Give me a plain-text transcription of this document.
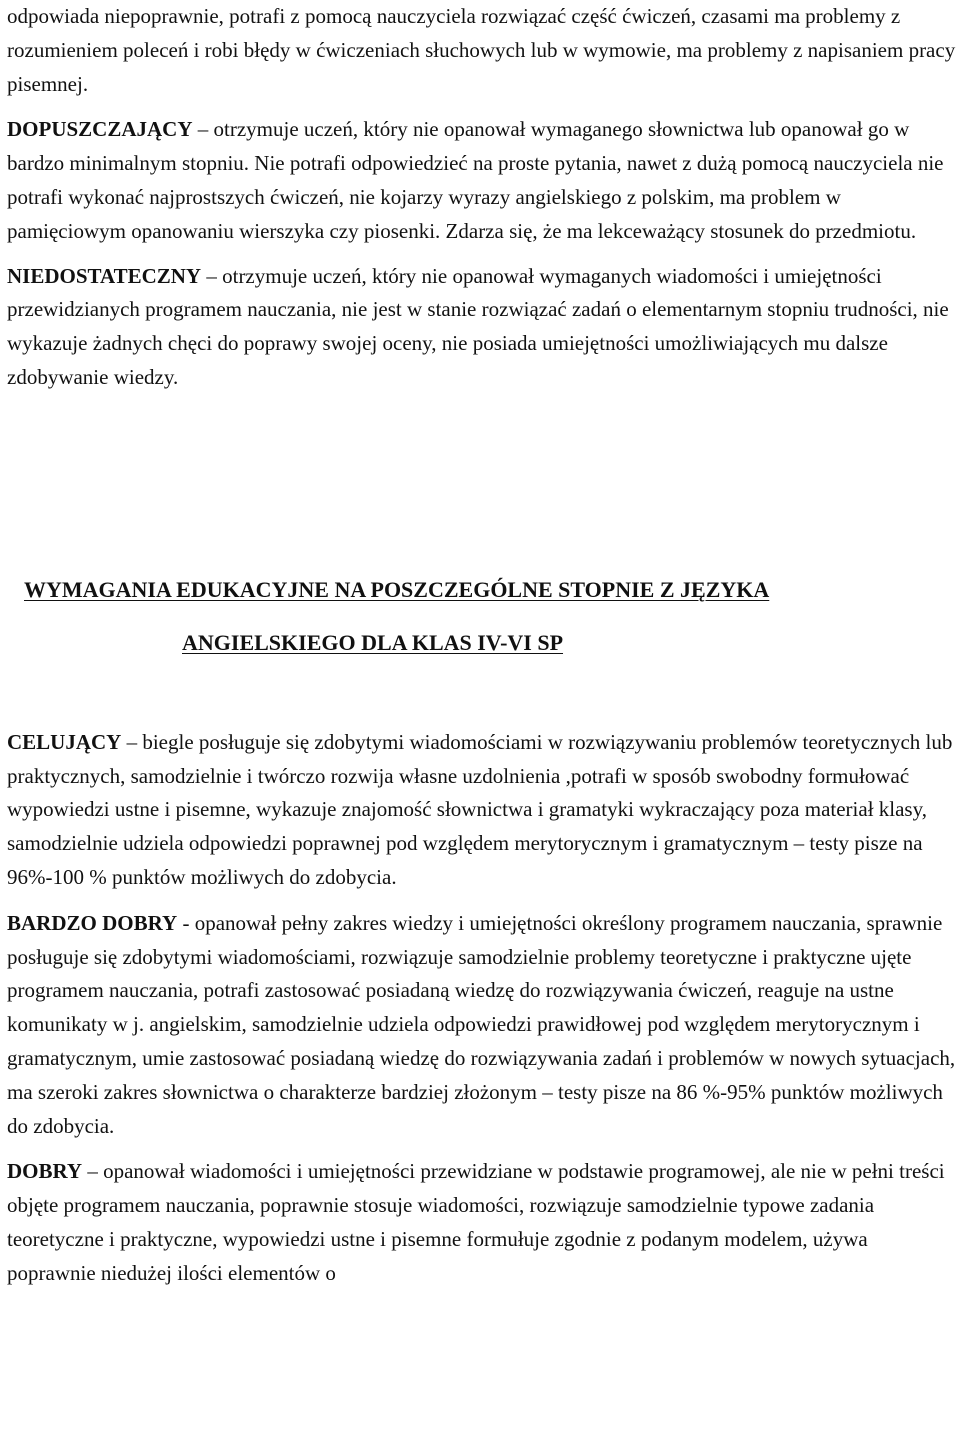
odpowiada niepoprawnie, potrafi z pomocą nauczyciela rozwiązać część ćwiczeń, czasami ma problemy z rozumieniem poleceń i robi błędy w ćwiczeniach słuchowych lub w wymowie, ma problemy z napisaniem pracy pisemnej.

DOPUSZCZAJĄCY – otrzymuje uczeń, który nie opanował wymaganego słownictwa lub opanował go w bardzo minimalnym stopniu. Nie potrafi odpowiedzieć na proste pytania, nawet z dużą pomocą nauczyciela nie potrafi wykonać najprostszych ćwiczeń, nie kojarzy wyrazy angielskiego z polskim, ma problem w pamięciowym opanowaniu wierszyka czy piosenki. Zdarza się, że ma lekceważący stosunek do przedmiotu.

NIEDOSTATECZNY – otrzymuje uczeń, który nie opanował wymaganych wiadomości i umiejętności przewidzianych programem nauczania, nie jest w stanie rozwiązać zadań o elementarnym stopniu trudności, nie wykazuje żadnych chęci do poprawy swojej oceny, nie posiada umiejętności umożliwiających mu dalsze zdobywanie wiedzy.

WYMAGANIA EDUKACYJNE NA POSZCZEGÓLNE STOPNIE Z JĘZYKA

ANGIELSKIEGO DLA KLAS IV-VI SP

CELUJĄCY – biegle posługuje się zdobytymi wiadomościami w rozwiązywaniu problemów teoretycznych lub praktycznych, samodzielnie i twórczo rozwija własne uzdolnienia ,potrafi w sposób swobodny formułować wypowiedzi ustne i pisemne, wykazuje znajomość słownictwa i gramatyki wykraczający poza materiał klasy, samodzielnie udziela odpowiedzi poprawnej pod względem merytorycznym i gramatycznym – testy pisze na 96%-100 % punktów możliwych do zdobycia.

BARDZO DOBRY - opanował pełny zakres wiedzy i umiejętności określony programem nauczania, sprawnie posługuje się zdobytymi wiadomościami, rozwiązuje samodzielnie problemy teoretyczne i praktyczne ujęte programem nauczania, potrafi zastosować posiadaną wiedzę do rozwiązywania ćwiczeń, reaguje na ustne komunikaty w j. angielskim, samodzielnie udziela odpowiedzi prawidłowej pod względem merytorycznym i gramatycznym, umie zastosować posiadaną wiedzę do rozwiązywania zadań i problemów w nowych sytuacjach, ma szeroki zakres słownictwa o charakterze bardziej złożonym – testy pisze na 86 %-95% punktów możliwych do zdobycia.

DOBRY – opanował wiadomości i umiejętności przewidziane w podstawie programowej, ale nie w pełni treści objęte programem nauczania, poprawnie stosuje wiadomości, rozwiązuje samodzielnie typowe zadania teoretyczne i praktyczne, wypowiedzi ustne i pisemne formułuje zgodnie z podanym modelem, używa poprawnie niedużej ilości elementów o
